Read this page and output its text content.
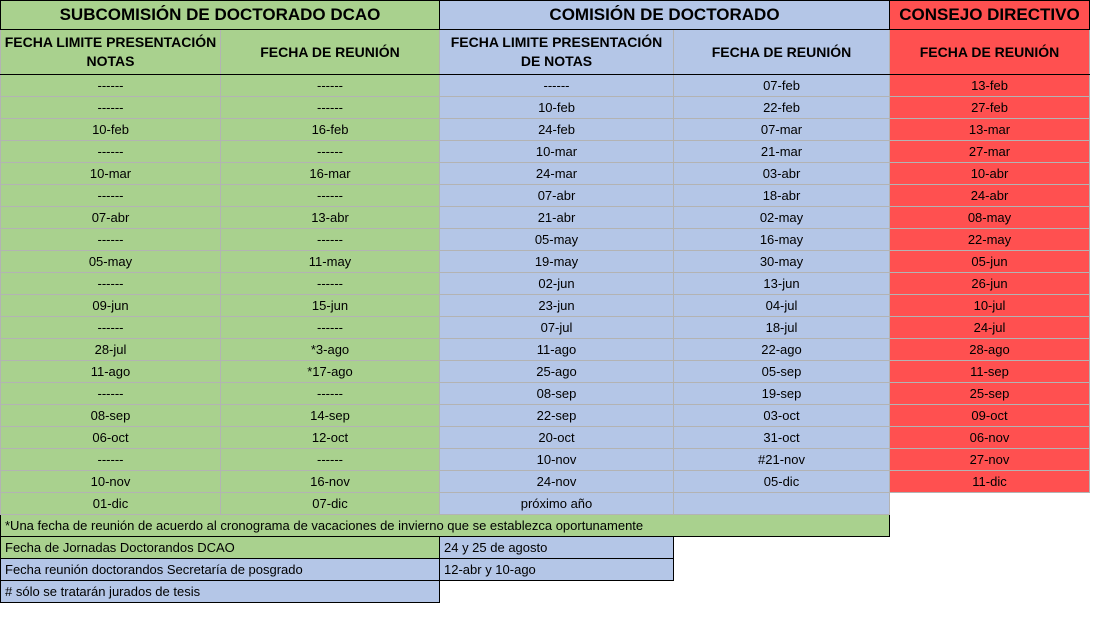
SUBCOMISIÓN DE DOCTORADO DCAO		COMISIÓN DE DOCTORADO		CONSEJO DIRECTIVO
FECHA LIMITE PRESENTACIÓN NOTAS	FECHA DE REUNIÓN	FECHA LIMITE PRESENTACIÓN DE NOTAS	FECHA DE REUNIÓN	FECHA DE REUNIÓN
------	------	------	07-feb	13-feb
------	------	10-feb	22-feb	27-feb
10-feb	16-feb	24-feb	07-mar	13-mar
------	------	10-mar	21-mar	27-mar
10-mar	16-mar	24-mar	03-abr	10-abr
------	------	07-abr	18-abr	24-abr
07-abr	13-abr	21-abr	02-may	08-may
------	------	05-may	16-may	22-may
05-may	11-may	19-may	30-may	05-jun
------	------	02-jun	13-jun	26-jun
09-jun	15-jun	23-jun	04-jul	10-jul
------	------	07-jul	18-jul	24-jul
28-jul	*3-ago	11-ago	22-ago	28-ago
11-ago	*17-ago	25-ago	05-sep	11-sep
------	------	08-sep	19-sep	25-sep
08-sep	14-sep	22-sep	03-oct	09-oct
06-oct	12-oct	20-oct	31-oct	06-nov
------	------	10-nov	#21-nov	27-nov
10-nov	16-nov	24-nov	05-dic	11-dic
01-dic	07-dic	próximo año		
*Una fecha de reunión de acuerdo al cronograma de vacaciones de invierno que se establezca oportunamente				
Fecha de Jornadas Doctorandos DCAO		24 y 25 de agosto		
Fecha reunión doctorandos Secretaría de posgrado		12-abr y 10-ago		
# sólo se tratarán jurados de tesis				
